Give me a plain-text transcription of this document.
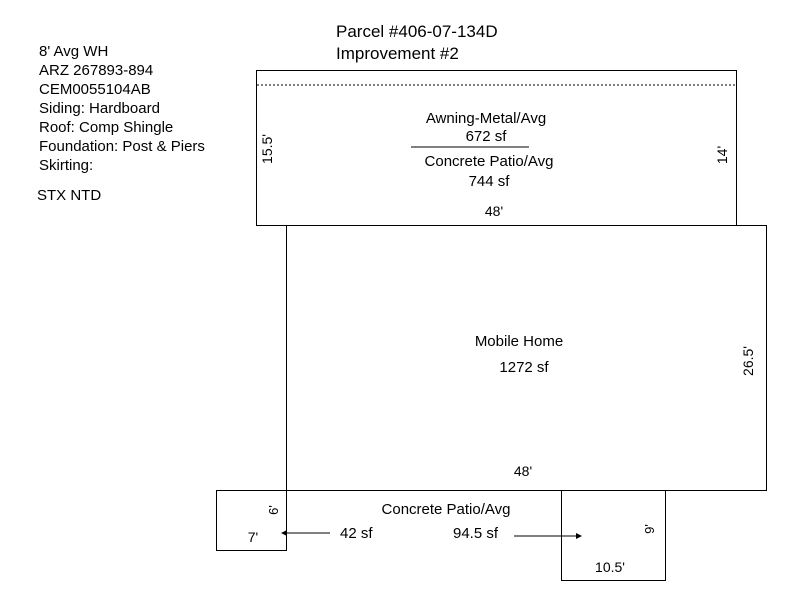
Parcel #406-07-134D
Improvement #2
8' Avg WH
ARZ 267893-894
CEM0055104AB
Siding: Hardboard
Roof: Comp Shingle
Foundation: Post & Piers
Skirting:
STX NTD
Awning-Metal/Avg
672 sf
Concrete Patio/Avg
744 sf
48'
15.5'	14'
Mobile Home
1272 sf
48'
26.5'
7'
6'
10.5'
9'
Concrete Patio/Avg
42 sf	94.5 sf
